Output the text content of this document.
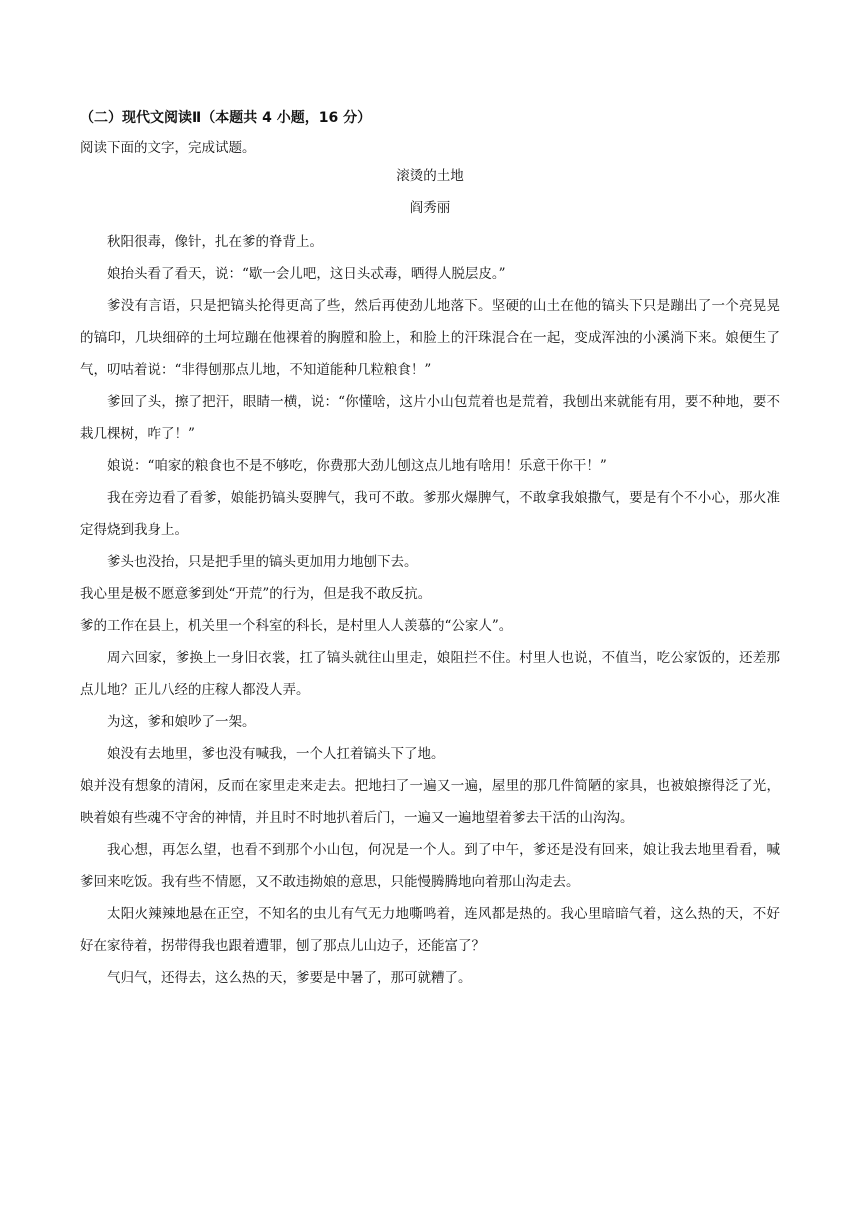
（二）现代文阅读Ⅱ（本题共 4 小题，16 分）
阅读下面的文字，完成试题。
滚烫的土地
阎秀丽

秋阳很毒，像针，扎在爹的脊背上。

娘抬头看了看天，说：“歇一会儿吧，这日头忒毒，晒得人脱层皮。”

爹没有言语，只是把镐头抡得更高了些，然后再使劲儿地落下。坚硬的山土在他的镐头下只是蹦出了一个亮晃晃的镐印，几块细碎的土坷垃蹦在他裸着的胸膛和脸上，和脸上的汗珠混合在一起，变成浑浊的小溪淌下来。娘便生了气，叨咕着说：“非得刨那点儿地，不知道能种几粒粮食！”

爹回了头，擦了把汗，眼睛一横，说：“你懂啥，这片小山包荒着也是荒着，我刨出来就能有用，要不种地，要不栽几棵树，咋了！”

娘说：“咱家的粮食也不是不够吃，你费那大劲儿刨这点儿地有啥用！乐意干你干！”

我在旁边看了看爹，娘能扔镐头耍脾气，我可不敢。爹那火爆脾气，不敢拿我娘撒气，要是有个不小心，那火准定得烧到我身上。

爹头也没抬，只是把手里的镐头更加用力地刨下去。

我心里是极不愿意爹到处“开荒”的行为，但是我不敢反抗。

爹的工作在县上，机关里一个科室的科长，是村里人人羡慕的“公家人”。

周六回家，爹换上一身旧衣裳，扛了镐头就往山里走，娘阻拦不住。村里人也说，不值当，吃公家饭的，还差那点儿地？正儿八经的庄稼人都没人弄。

为这，爹和娘吵了一架。

娘没有去地里，爹也没有喊我，一个人扛着镐头下了地。

娘并没有想象的清闲，反而在家里走来走去。把地扫了一遍又一遍，屋里的那几件简陋的家具，也被娘擦得泛了光，映着娘有些魂不守舍的神情，并且时不时地扒着后门，一遍又一遍地望着爹去干活的山沟沟。

我心想，再怎么望，也看不到那个小山包，何况是一个人。到了中午，爹还是没有回来，娘让我去地里看看，喊爹回来吃饭。我有些不情愿，又不敢违拗娘的意思，只能慢腾腾地向着那山沟走去。

太阳火辣辣地悬在正空，不知名的虫儿有气无力地嘶鸣着，连风都是热的。我心里暗暗气着，这么热的天，不好好在家待着，拐带得我也跟着遭罪，刨了那点儿山边子，还能富了？

气归气，还得去，这么热的天，爹要是中暑了，那可就糟了。
